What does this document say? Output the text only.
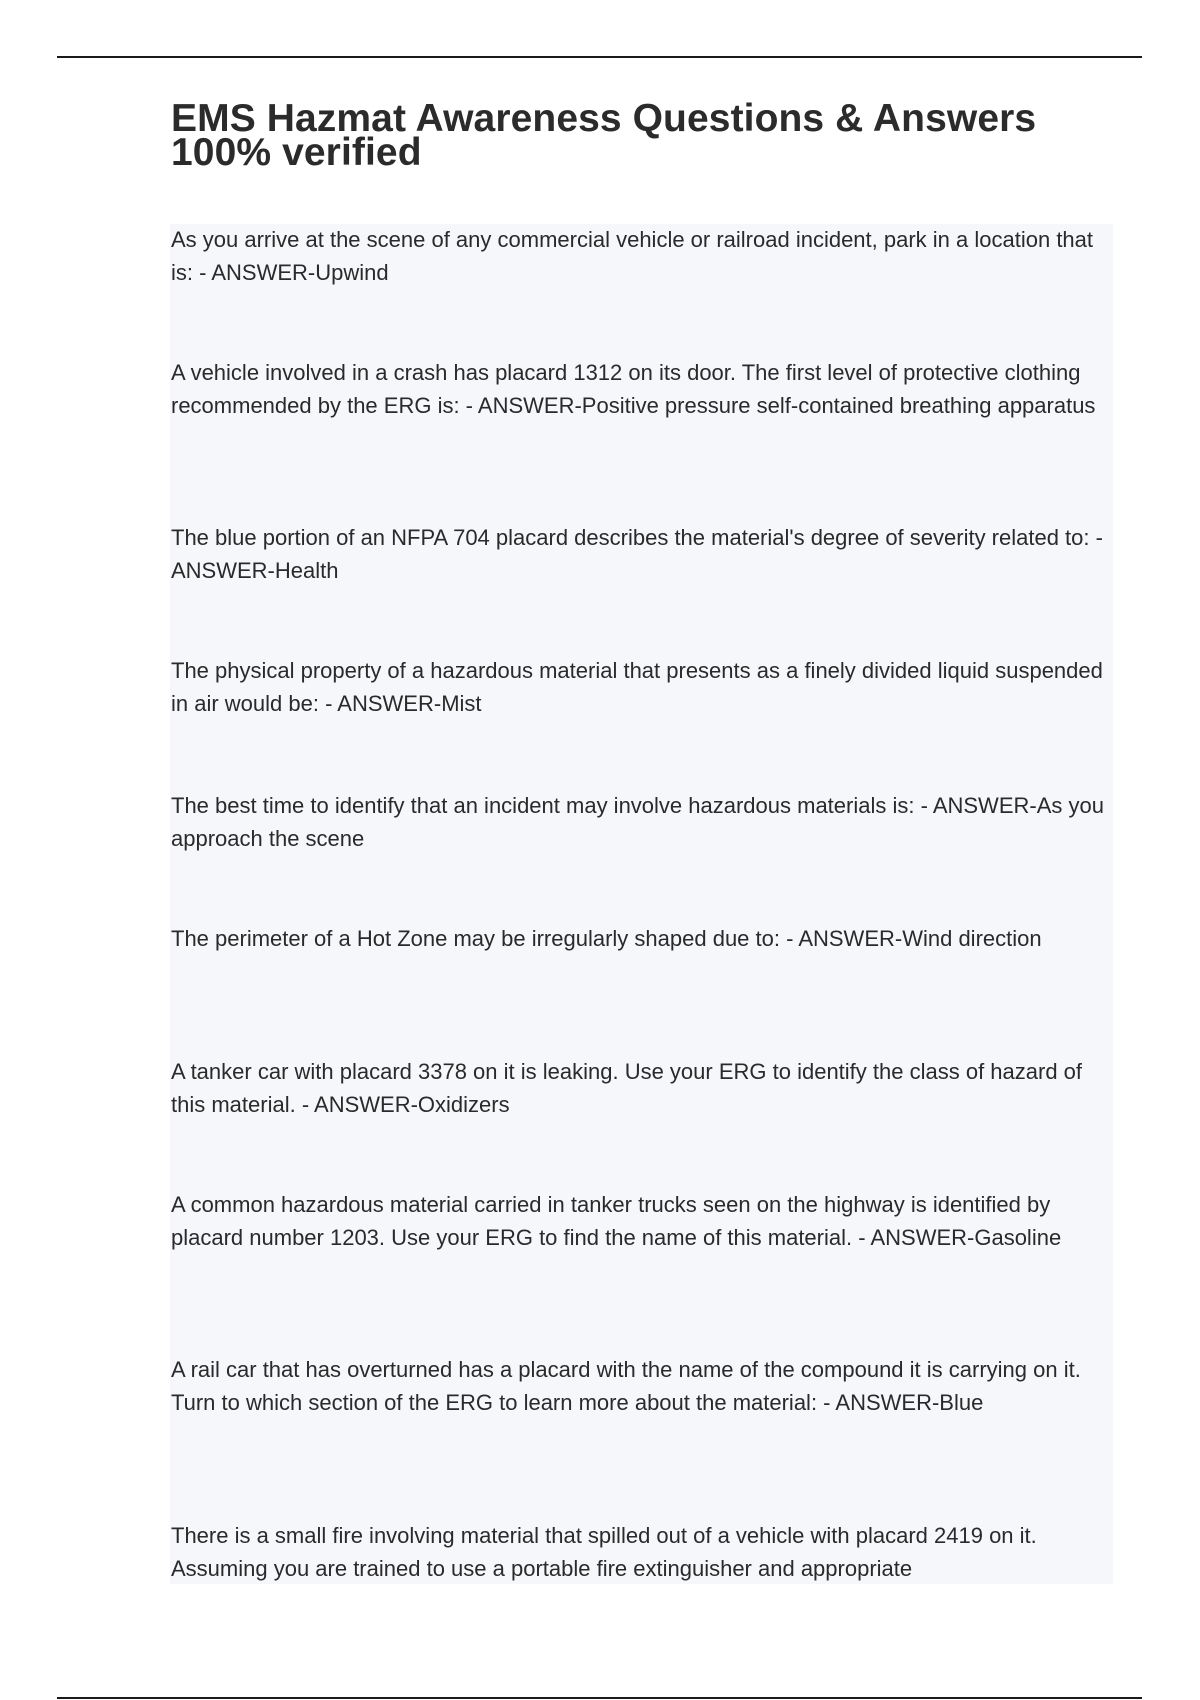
EMS Hazmat Awareness Questions & Answers 100% verified

As you arrive at the scene of any commercial vehicle or railroad incident, park in a location that is: - ANSWER-Upwind

A vehicle involved in a crash has placard 1312 on its door. The first level of protective clothing recommended by the ERG is: - ANSWER-Positive pressure self-contained breathing apparatus

The blue portion of an NFPA 704 placard describes the material's degree of severity related to: - ANSWER-Health

The physical property of a hazardous material that presents as a finely divided liquid suspended in air would be: - ANSWER-Mist

The best time to identify that an incident may involve hazardous materials is: - ANSWER-As you approach the scene

The perimeter of a Hot Zone may be irregularly shaped due to: - ANSWER-Wind direction

A tanker car with placard 3378 on it is leaking. Use your ERG to identify the class of hazard of this material. - ANSWER-Oxidizers

A common hazardous material carried in tanker trucks seen on the highway is identified by placard number 1203. Use your ERG to find the name of this material. - ANSWER-Gasoline

A rail car that has overturned has a placard with the name of the compound it is carrying on it. Turn to which section of the ERG to learn more about the material: - ANSWER-Blue

There is a small fire involving material that spilled out of a vehicle with placard 2419 on it. Assuming you are trained to use a portable fire extinguisher and appropriate
